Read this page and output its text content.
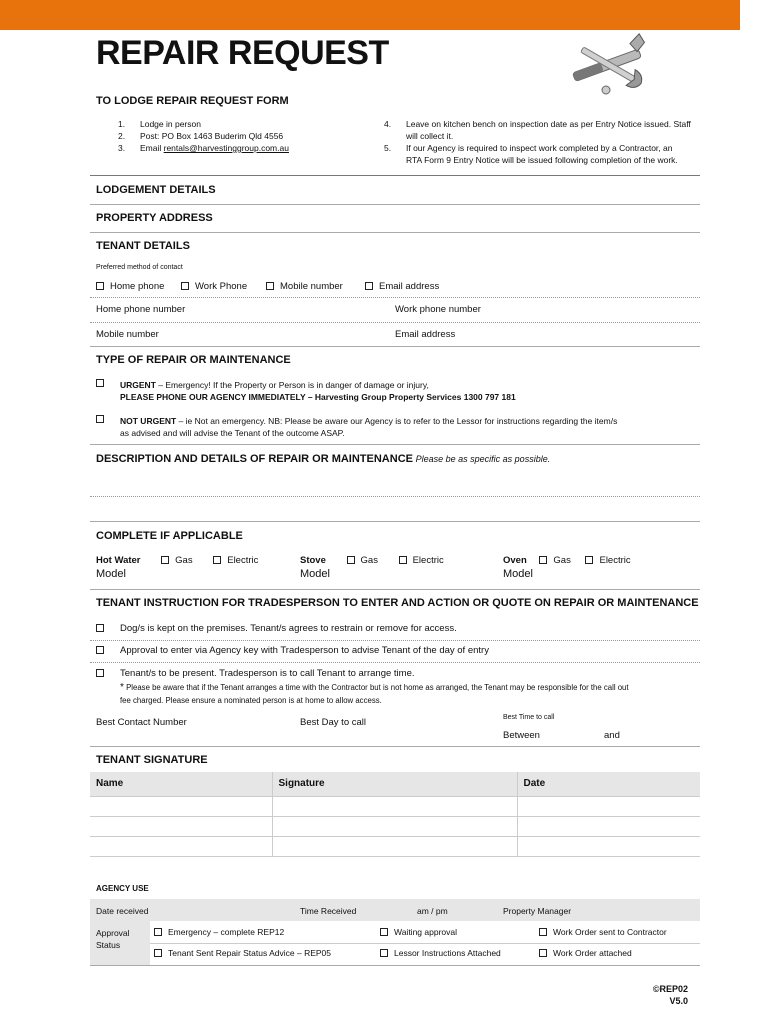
REPAIR REQUEST
TO LODGE REPAIR REQUEST FORM
1. Lodge in person
2. Post: PO Box 1463 Buderim Qld 4556
3. Email rentals@harvestinggroup.com.au
4. Leave on kitchen bench on inspection date as per Entry Notice issued. Staff
will collect it.
5. If our Agency is required to inspect work completed by a Contractor, an
RTA Form 9 Entry Notice will be issued following completion of the work.
LODGEMENT DETAILS
PROPERTY ADDRESS
TENANT DETAILS
Preferred method of contact
Home phone	Work Phone	Mobile number	Email address
Home phone number	Work phone number
Mobile number	Email address
TYPE OF REPAIR OR MAINTENANCE
URGENT – Emergency! If the Property or Person is in danger of damage or injury,
PLEASE PHONE OUR AGENCY IMMEDIATELY – Harvesting Group Property Services 1300 797 181
NOT URGENT – ie Not an emergency. NB: Please be aware our Agency is to refer to the Lessor for instructions regarding the item/s
as advised and will advise the Tenant of the outcome ASAP.
DESCRIPTION AND DETAILS OF REPAIR OR MAINTENANCE Please be as specific as possible.
COMPLETE IF APPLICABLE
Hot Water	Gas	Electric
Model
Stove	Gas	Electric
Model
Oven	Gas	Electric
Model
TENANT INSTRUCTION FOR TRADESPERSON TO ENTER AND ACTION OR QUOTE ON REPAIR OR MAINTENANCE
Dog/s is kept on the premises. Tenant/s agrees to restrain or remove for access.
Approval to enter via Agency key with Tradesperson to advise Tenant of the day of entry
Tenant/s to be present. Tradesperson is to call Tenant to arrange time.
* Please be aware that if the Tenant arranges a time with the Contractor but is not home as arranged, the Tenant may be responsible for the call out
fee charged. Please ensure a nominated person is at home to allow access.
Best Contact Number	Best Day to call	Best Time to call
Between	and
TENANT SIGNATURE
Name	Signature	Date

AGENCY USE
Date received	Time Received	am / pm	Property Manager
Approval
Status
Emergency – complete REP12	Waiting approval	Work Order sent to Contractor
Tenant Sent Repair Status Advice – REP05	Lessor Instructions Attached	Work Order attached
©REP02
V5.0
